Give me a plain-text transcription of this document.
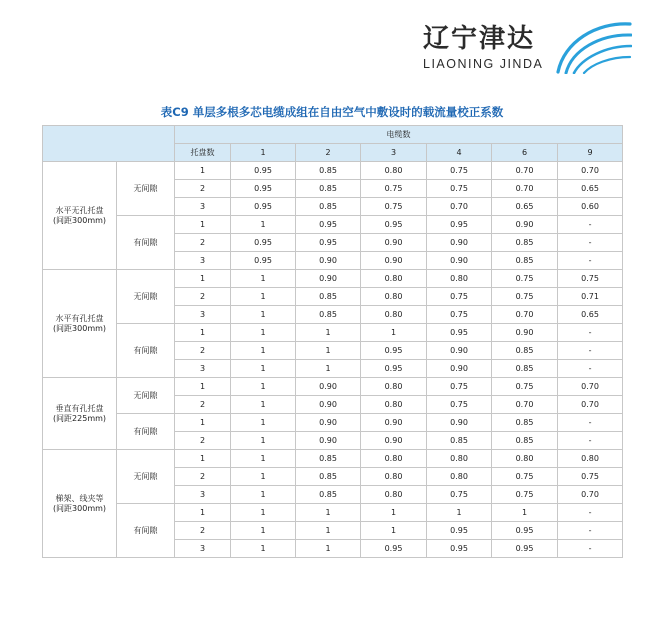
辽宁津达
LIAONING JINDA
表C9 单层多根多芯电缆成组在自由空气中敷设时的载流量校正系数
		电缆数						
		托盘数	1	2	3	4	6	9

水平无孔托盘
(间距300mm)	无间隙	1	0.95	0.85	0.80	0.75	0.70	0.70
		2	0.95	0.85	0.75	0.75	0.70	0.65
		3	0.95	0.85	0.75	0.70	0.65	0.60
	有间隙	1	1	0.95	0.95	0.95	0.90	-
		2	0.95	0.95	0.90	0.90	0.85	-
		3	0.95	0.90	0.90	0.90	0.85	-

水平有孔托盘
(间距300mm)	无间隙	1	1	0.90	0.80	0.80	0.75	0.75
		2	1	0.85	0.80	0.75	0.75	0.71
		3	1	0.85	0.80	0.75	0.70	0.65
	有间隙	1	1	1	1	0.95	0.90	-
		2	1	1	0.95	0.90	0.85	-
		3	1	1	0.95	0.90	0.85	-

垂直有孔托盘
(间距225mm)	无间隙	1	1	0.90	0.80	0.75	0.75	0.70
		2	1	0.90	0.80	0.75	0.70	0.70
	有间隙	1	1	0.90	0.90	0.90	0.85	-
		2	1	0.90	0.90	0.85	0.85	-

梯架、线夹等
(间距300mm)	无间隙	1	1	0.85	0.80	0.80	0.80	0.80
		2	1	0.85	0.80	0.80	0.75	0.75
		3	1	0.85	0.80	0.75	0.75	0.70
	有间隙	1	1	1	1	1	1	-
		2	1	1	1	0.95	0.95	-
		3	1	1	0.95	0.95	0.95	-
